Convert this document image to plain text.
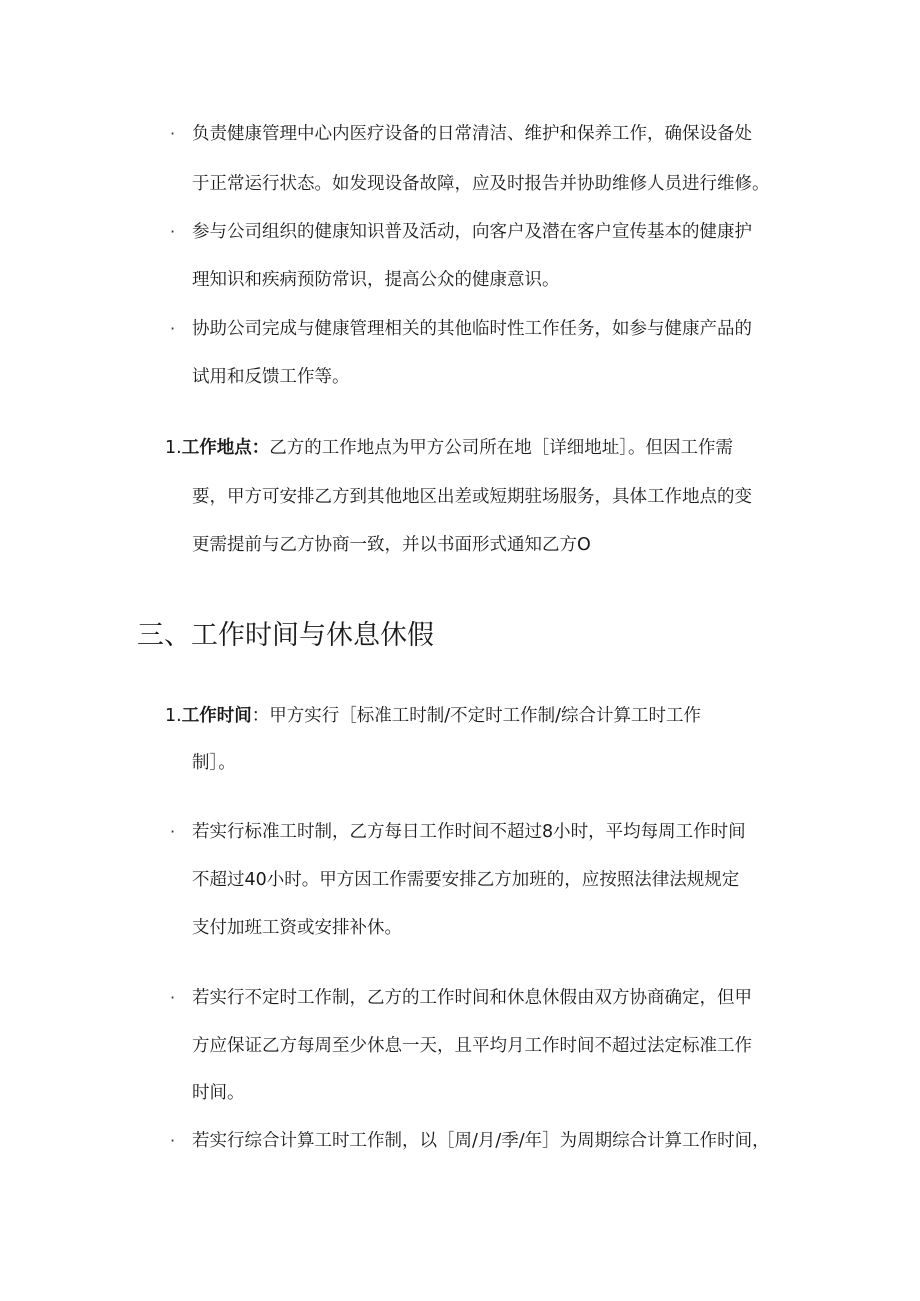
· 负责健康管理中心内医疗设备的日常清洁、维护和保养工作，确保设备处
于正常运行状态。如发现设备故障，应及时报告并协助维修人员进行维修。
· 参与公司组织的健康知识普及活动，向客户及潜在客户宣传基本的健康护
理知识和疾病预防常识，提高公众的健康意识。
· 协助公司完成与健康管理相关的其他临时性工作任务，如参与健康产品的
试用和反馈工作等。
1.工作地点：乙方的工作地点为甲方公司所在地［详细地址］。但因工作需
要，甲方可安排乙方到其他地区出差或短期驻场服务，具体工作地点的变
更需提前与乙方协商一致，并以书面形式通知乙方O
三、工作时间与休息休假
1.工作时间：甲方实行［标准工时制/不定时工作制/综合计算工时工作
制］。
· 若实行标准工时制，乙方每日工作时间不超过8小时，平均每周工作时间
不超过40小时。甲方因工作需要安排乙方加班的，应按照法律法规规定
支付加班工资或安排补休。
· 若实行不定时工作制，乙方的工作时间和休息休假由双方协商确定，但甲
方应保证乙方每周至少休息一天，且平均月工作时间不超过法定标准工作
时间。
· 若实行综合计算工时工作制，以［周/月/季/年］为周期综合计算工作时间，
